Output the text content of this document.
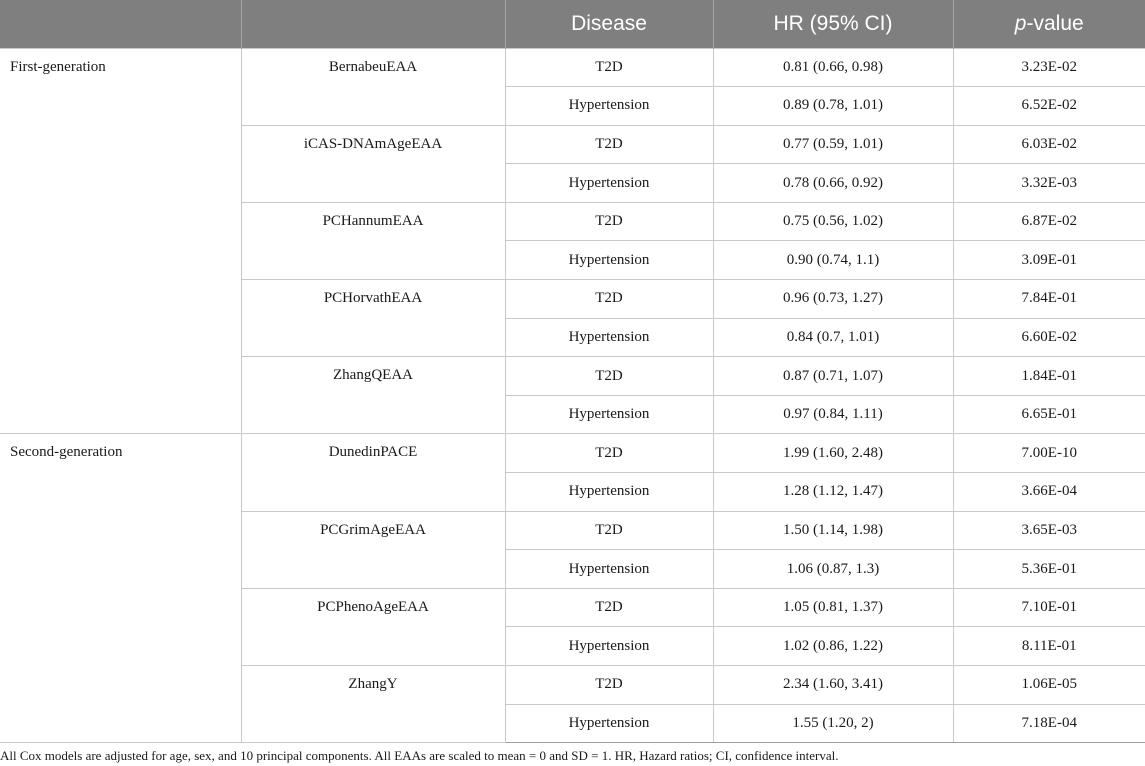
		Disease	HR (95% CI)	p-value
First-generation	BernabeuEAA	T2D	0.81 (0.66, 0.98)	3.23E-02
		Hypertension	0.89 (0.78, 1.01)	6.52E-02
	iCAS-DNAmAgeEAA	T2D	0.77 (0.59, 1.01)	6.03E-02
		Hypertension	0.78 (0.66, 0.92)	3.32E-03
	PCHannumEAA	T2D	0.75 (0.56, 1.02)	6.87E-02
		Hypertension	0.90 (0.74, 1.1)	3.09E-01
	PCHorvathEAA	T2D	0.96 (0.73, 1.27)	7.84E-01
		Hypertension	0.84 (0.7, 1.01)	6.60E-02
	ZhangQEAA	T2D	0.87 (0.71, 1.07)	1.84E-01
		Hypertension	0.97 (0.84, 1.11)	6.65E-01
Second-generation	DunedinPACE	T2D	1.99 (1.60, 2.48)	7.00E-10
		Hypertension	1.28 (1.12, 1.47)	3.66E-04
	PCGrimAgeEAA	T2D	1.50 (1.14, 1.98)	3.65E-03
		Hypertension	1.06 (0.87, 1.3)	5.36E-01
	PCPhenoAgeEAA	T2D	1.05 (0.81, 1.37)	7.10E-01
		Hypertension	1.02 (0.86, 1.22)	8.11E-01
	ZhangY	T2D	2.34 (1.60, 3.41)	1.06E-05
		Hypertension	1.55 (1.20, 2)	7.18E-04
All Cox models are adjusted for age, sex, and 10 principal components. All EAAs are scaled to mean = 0 and SD = 1. HR, Hazard ratios; CI, confidence interval.
